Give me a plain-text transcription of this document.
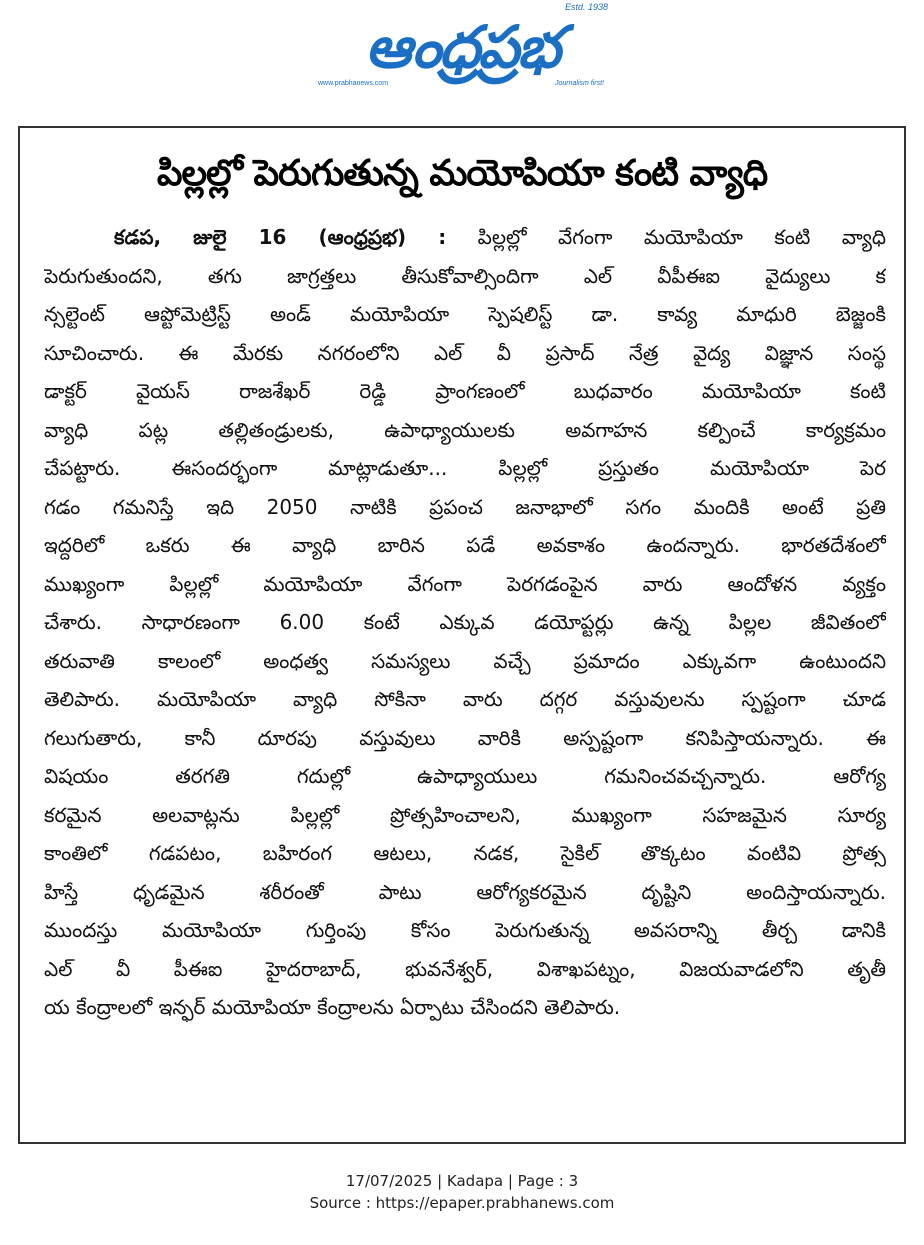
Estd. 1938
ఆంధ్రప్రభ
www.prabhanews.com	Journalism first!
పిల్లల్లో పెరుగుతున్న మయోపియా కంటి వ్యాధి
కడప, జులై 16 (ఆంధ్రప్రభ) : పిల్లల్లో వేగంగా మయోపియా కంటి వ్యాధి
పెరుగుతుందని, తగు జాగ్రత్తలు తీసుకోవాల్సిందిగా ఎల్ వీపీఈఐ వైద్యులు క
న్సల్టెంట్ ఆప్టోమెట్రిస్ట్ అండ్ మయోపియా స్పెషలిస్ట్ డా. కావ్య మాధురి బెజ్జంకి
సూచించారు. ఈ మేరకు నగరంలోని ఎల్ వీ ప్రసాద్ నేత్ర వైద్య విజ్ఞాన సంస్థ
డాక్టర్ వైయస్ రాజశేఖర్ రెడ్డి ప్రాంగణంలో బుధవారం మయోపియా కంటి
వ్యాధి పట్ల తల్లితండ్రులకు, ఉపాధ్యాయులకు అవగాహన కల్పించే కార్యక్రమం
చేపట్టారు. ఈసందర్భంగా మాట్లాడుతూ... పిల్లల్లో ప్రస్తుతం మయోపియా పెర
గడం గమనిస్తే ఇది 2050 నాటికి ప్రపంచ జనాభాలో సగం మందికి అంటే ప్రతి
ఇద్దరిలో ఒకరు ఈ వ్యాధి బారిన పడే అవకాశం ఉందన్నారు. భారతదేశంలో
ముఖ్యంగా పిల్లల్లో మయోపియా వేగంగా పెరగడంపైన వారు ఆందోళన వ్యక్తం
చేశారు. సాధారణంగా 6.00 కంటే ఎక్కువ డయోప్టర్లు ఉన్న పిల్లల జీవితంలో
తరువాతి కాలంలో అంధత్వ సమస్యలు వచ్చే ప్రమాదం ఎక్కువగా ఉంటుందని
తెలిపారు. మయోపియా వ్యాధి సోకినా వారు దగ్గర వస్తువులను స్పష్టంగా చూడ
గలుగుతారు, కానీ దూరపు వస్తువులు వారికి అస్పష్టంగా కనిపిస్తాయన్నారు. ఈ
విషయం తరగతి గదుల్లో ఉపాధ్యాయులు గమనించవచ్చన్నారు. ఆరోగ్య
కరమైన అలవాట్లను పిల్లల్లో ప్రోత్సహించాలని, ముఖ్యంగా సహజమైన సూర్య
కాంతిలో గడపటం, బహిరంగ ఆటలు, నడక, సైకిల్ తొక్కటం వంటివి ప్రోత్స
హిస్తే ధృడమైన శరీరంతో పాటు ఆరోగ్యకరమైన దృష్టిని అందిస్తాయన్నారు.
ముందస్తు మయోపియా గుర్తింపు కోసం పెరుగుతున్న అవసరాన్ని తీర్చ డానికి
ఎల్ వీ పీఈఐ హైదరాబాద్, భువనేశ్వర్, విశాఖపట్నం, విజయవాడలోని తృతీ
య కేంద్రాలలో ఇన్ఫర్ మయోపియా కేంద్రాలను ఏర్పాటు చేసిందని తెలిపారు.
17/07/2025 | Kadapa | Page : 3
Source : https://epaper.prabhanews.com
